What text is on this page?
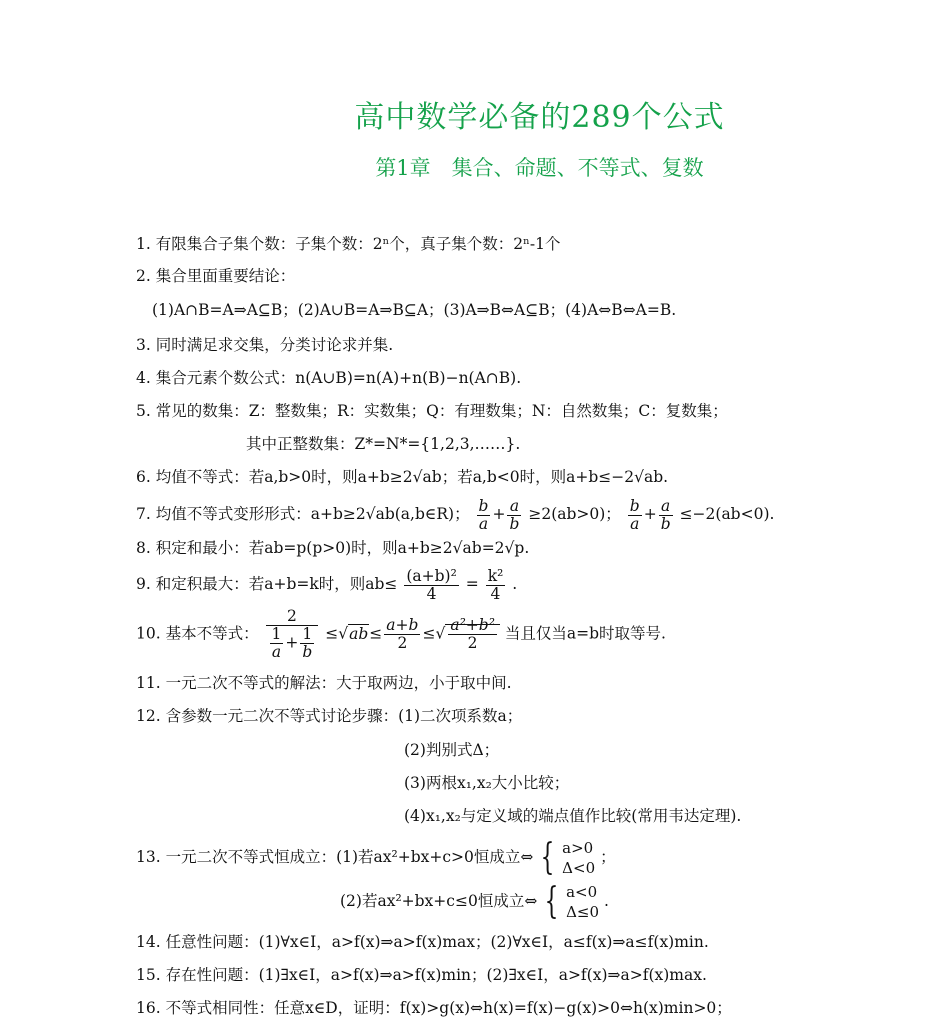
高中数学必备的289个公式
第1章　集合、命题、不等式、复数
1. 有限集合子集个数：子集个数：2ⁿ个，真子集个数：2ⁿ-1个
2. 集合里面重要结论：
(1)A∩B=A⇒A⊆B；(2)A∪B=A⇒B⊆A；(3)A⇒B⇔A⊆B；(4)A⇔B⇔A=B.
3. 同时满足求交集，分类讨论求并集.
4. 集合元素个数公式：n(A∪B)=n(A)+n(B)−n(A∩B).
5. 常见的数集：Z：整数集；R：实数集；Q：有理数集；N：自然数集；C：复数集；
其中正整数集：Z*=N*={1,2,3,……}.
6. 均值不等式：若a,b>0时，则a+b≥2√ab；若a,b<0时，则a+b≤−2√ab.
7. 均值不等式变形形式：a+b≥2√ab(a,b∈R)； $\frac{b}{a} + \frac{a}{b} \ge 2(ab>0)$； $\frac{b}{a} + \frac{a}{b} \le-2(ab<0)$.
8. 积定和最小：若ab=p(p>0)时，则a+b≥2√ab=2√p.
9. 和定积最大：若a+b=k时，则$ab\le \frac{\text{(a+b)²}}{4} = \frac{\text{k²}}{4}$ .
10. 基本不等式： $\frac{2}{\frac{1}{a} + \frac{1}{b}} \le√ab\le \frac{a+b}{2}$ ≤√ $\frac{\text{a²+b²}}{2}$ 当且仅当a=b时取等号.
11. 一元二次不等式的解法：大于取两边，小于取中间.
12. 含参数一元二次不等式讨论步骤：(1)二次项系数a；
(2)判别式Δ；
(3)两根x₁,x₂大小比较；
(4)x₁,x₂与定义域的端点值作比较(常用韦达定理).
13. 一元二次不等式恒成立：(1)若ax²+bx+c>0恒成立⇔ { a>0
Δ<0
；
(2)若ax²+bx+c≤0恒成立⇔ { a<0
Δ≤0
.
14. 任意性问题：(1)∀x∈I，a>f(x)⇒a>f(x)max；(2)∀x∈I，a≤f(x)⇒a≤f(x)min.
15. 存在性问题：(1)∃x∈I，a>f(x)⇒a>f(x)min；(2)∃x∈I，a>f(x)⇒a>f(x)max.
16. 不等式相同性：任意x∈D，证明：f(x)>g(x)⇔h(x)=f(x)−g(x)>0⇔h(x)min>0；
